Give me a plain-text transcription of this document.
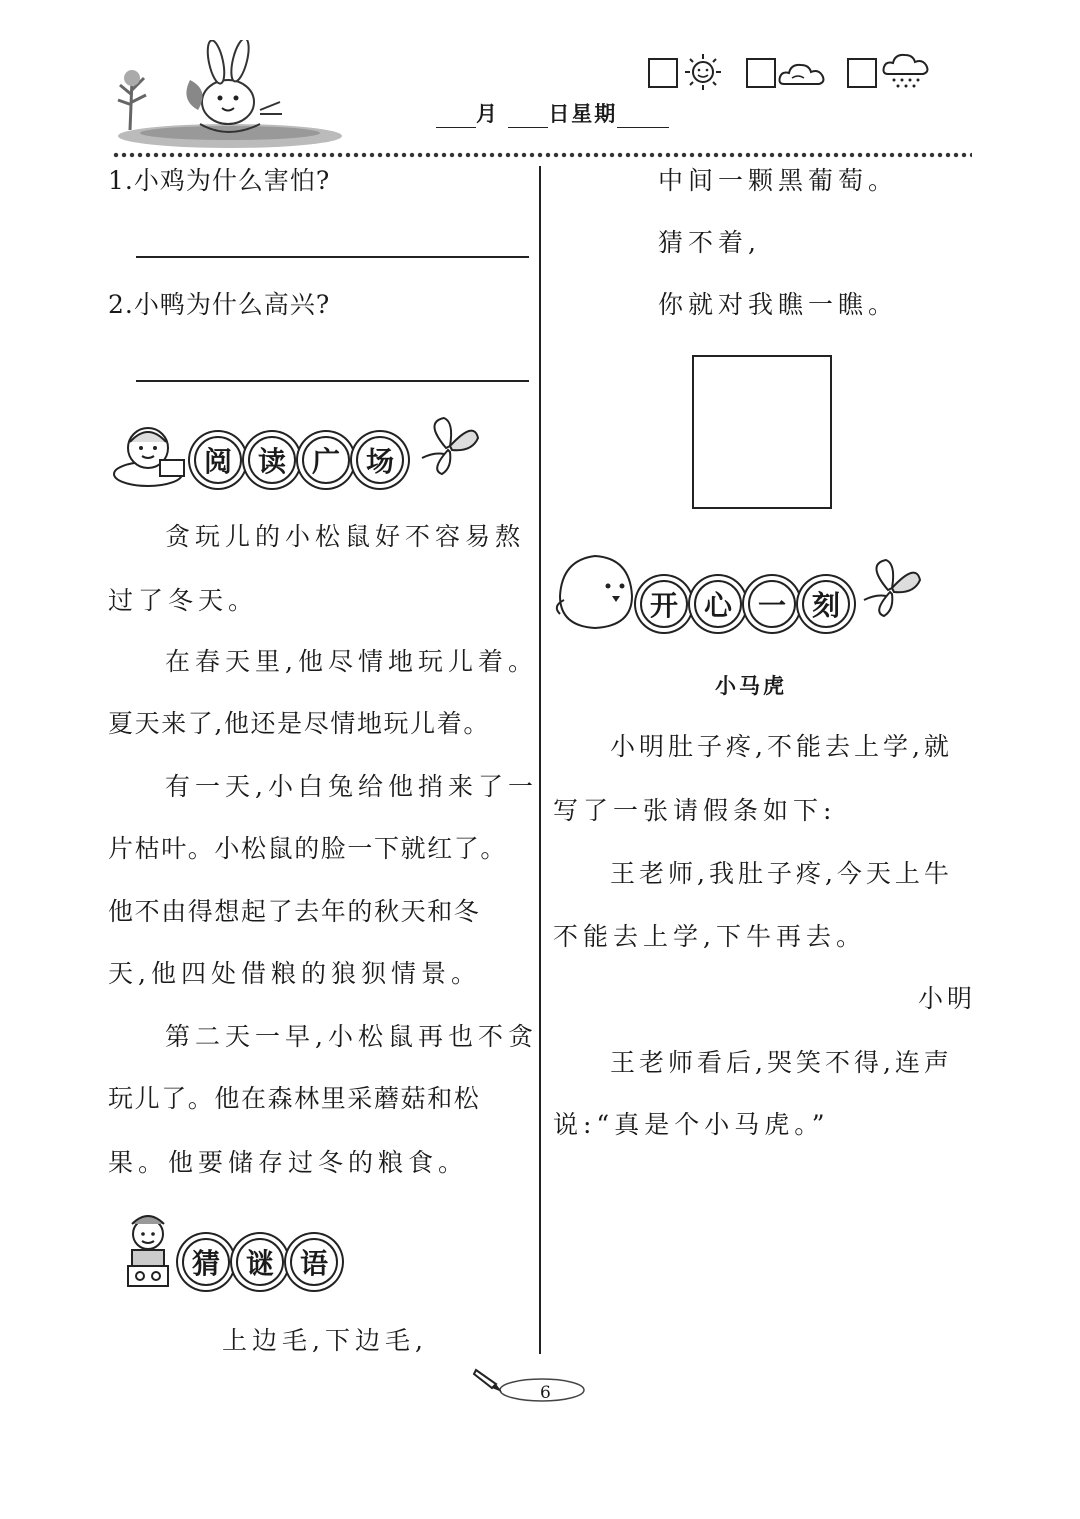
月 日星期
1.小鸡为什么害怕?
2.小鸭为什么高兴?
阅 读 广 场
贪玩儿的小松鼠好不容易熬
过了冬天。
在春天里,他尽情地玩儿着。
夏天来了,他还是尽情地玩儿着。
有一天,小白兔给他捎来了一
片枯叶。小松鼠的脸一下就红了。
他不由得想起了去年的秋天和冬
天,他四处借粮的狼狈情景。
第二天一早,小松鼠再也不贪
玩儿了。他在森林里采蘑菇和松
果。他要储存过冬的粮食。
猜 谜 语
上边毛,下边毛,
中间一颗黑葡萄。
猜不着,
你就对我瞧一瞧。
开 心 一 刻
小马虎
小明肚子疼,不能去上学,就
写了一张请假条如下:
王老师,我肚子疼,今天上牛
不能去上学,下牛再去。
小明
王老师看后,哭笑不得,连声
说:“真是个小马虎。”
6
